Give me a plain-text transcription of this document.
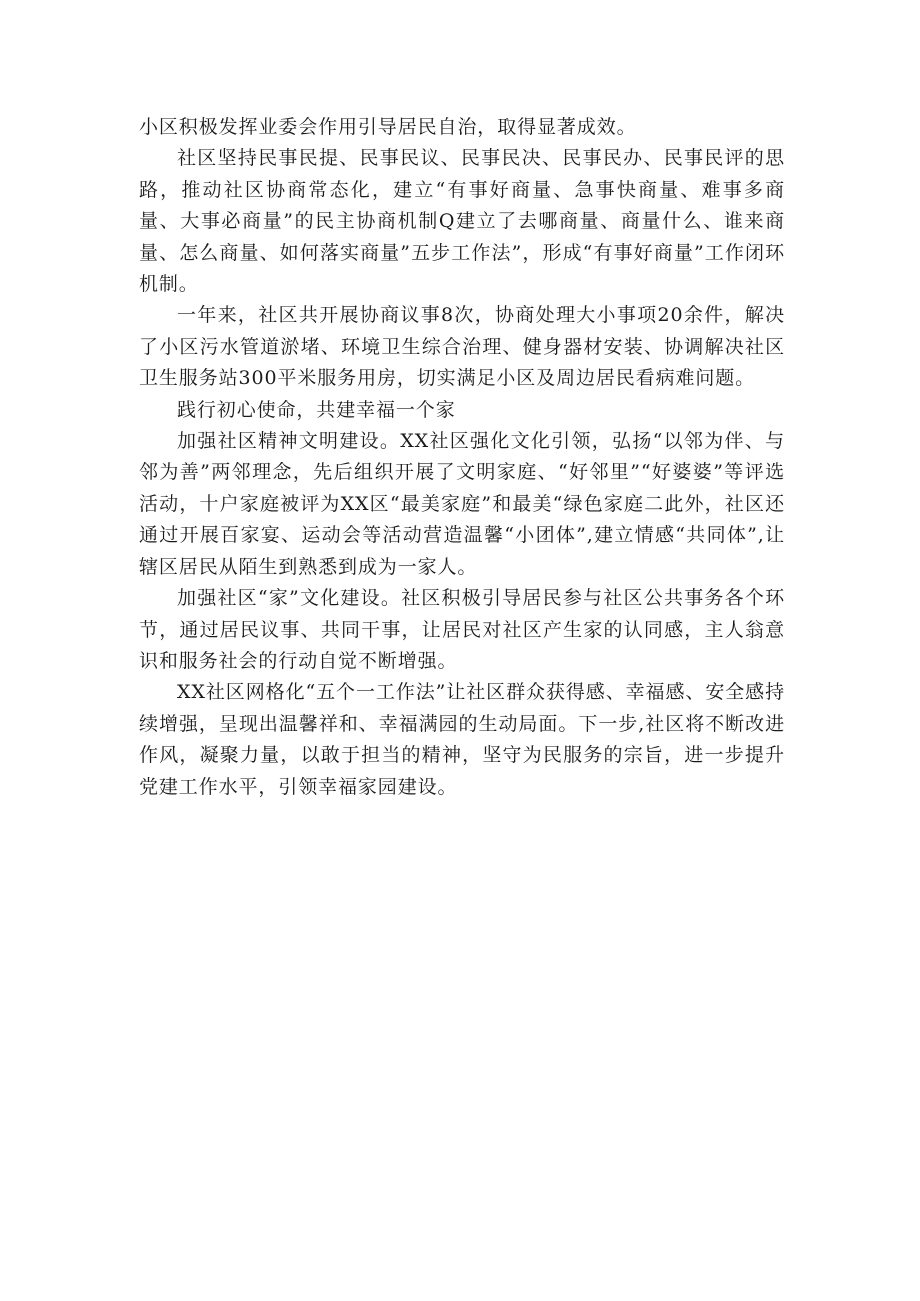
小区积极发挥业委会作用引导居民自治，取得显著成效。

社区坚持民事民提、民事民议、民事民决、民事民办、民事民评的思路，推动社区协商常态化，建立“有事好商量、急事快商量、难事多商量、大事必商量”的民主协商机制Q建立了去哪商量、商量什么、谁来商量、怎么商量、如何落实商量”五步工作法”，形成“有事好商量”工作闭环机制。

一年来，社区共开展协商议事8次，协商处理大小事项20余件，解决了小区污水管道淤堵、环境卫生综合治理、健身器材安装、协调解决社区卫生服务站300平米服务用房，切实满足小区及周边居民看病难问题。

践行初心使命，共建幸福一个家

加强社区精神文明建设。XX社区强化文化引领，弘扬“以邻为伴、与邻为善”两邻理念，先后组织开展了文明家庭、“好邻里”“好婆婆”等评选活动，十户家庭被评为XX区“最美家庭”和最美“绿色家庭二此外，社区还通过开展百家宴、运动会等活动营造温馨“小团体”,建立情感“共同体”,让辖区居民从陌生到熟悉到成为一家人。

加强社区“家”文化建设。社区积极引导居民参与社区公共事务各个环节，通过居民议事、共同干事，让居民对社区产生家的认同感，主人翁意识和服务社会的行动自觉不断增强。

XX社区网格化“五个一工作法”让社区群众获得感、幸福感、安全感持续增强，呈现出温馨祥和、幸福满园的生动局面。下一步,社区将不断改进作风，凝聚力量，以敢于担当的精神，坚守为民服务的宗旨，进一步提升党建工作水平，引领幸福家园建设。
